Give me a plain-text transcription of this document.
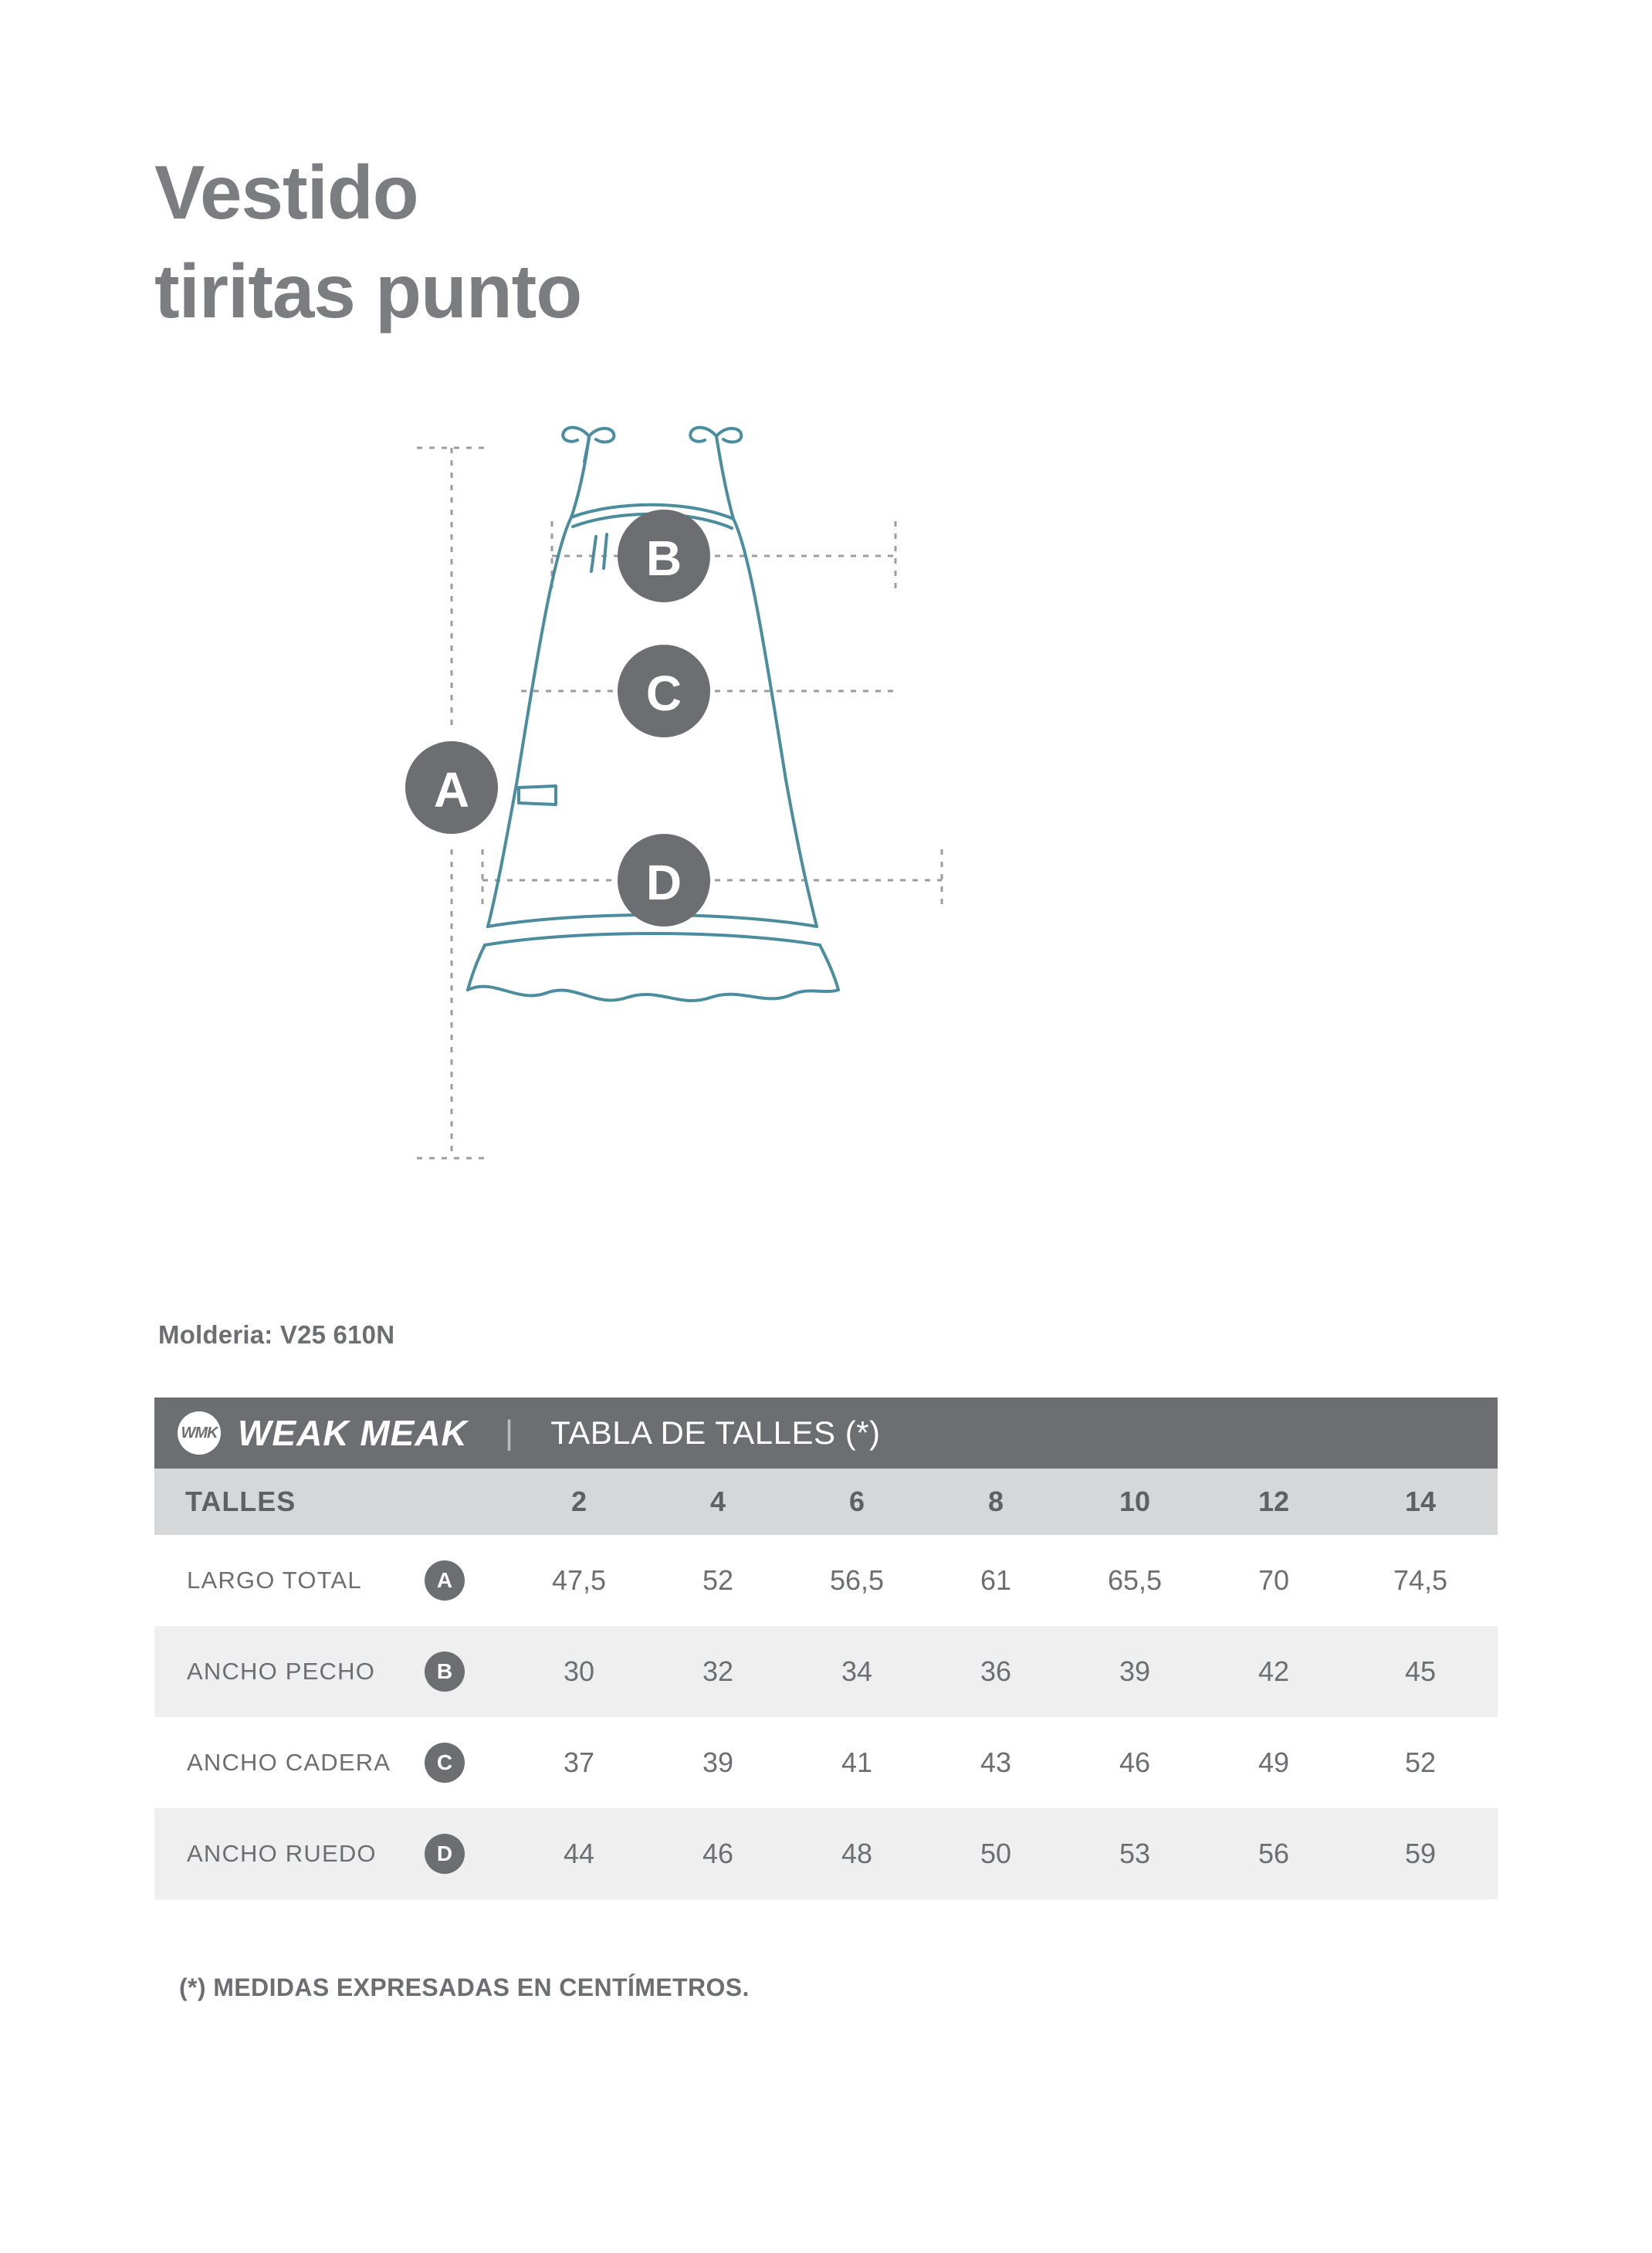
Vestido
tiritas punto
A
B
C
D
Molderia: V25 610N
WMK WEAK MEAK | TABLA DE TALLES (*)								

TALLES		2	4	6	8	10	12	14
LARGO TOTAL	A	47,5	52	56,5	61	65,5	70	74,5
ANCHO PECHO	B	30	32	34	36	39	42	45
ANCHO CADERA	C	37	39	41	43	46	49	52
ANCHO RUEDO	D	44	46	48	50	53	56	59
(*) MEDIDAS EXPRESADAS EN CENTÍMETROS.
